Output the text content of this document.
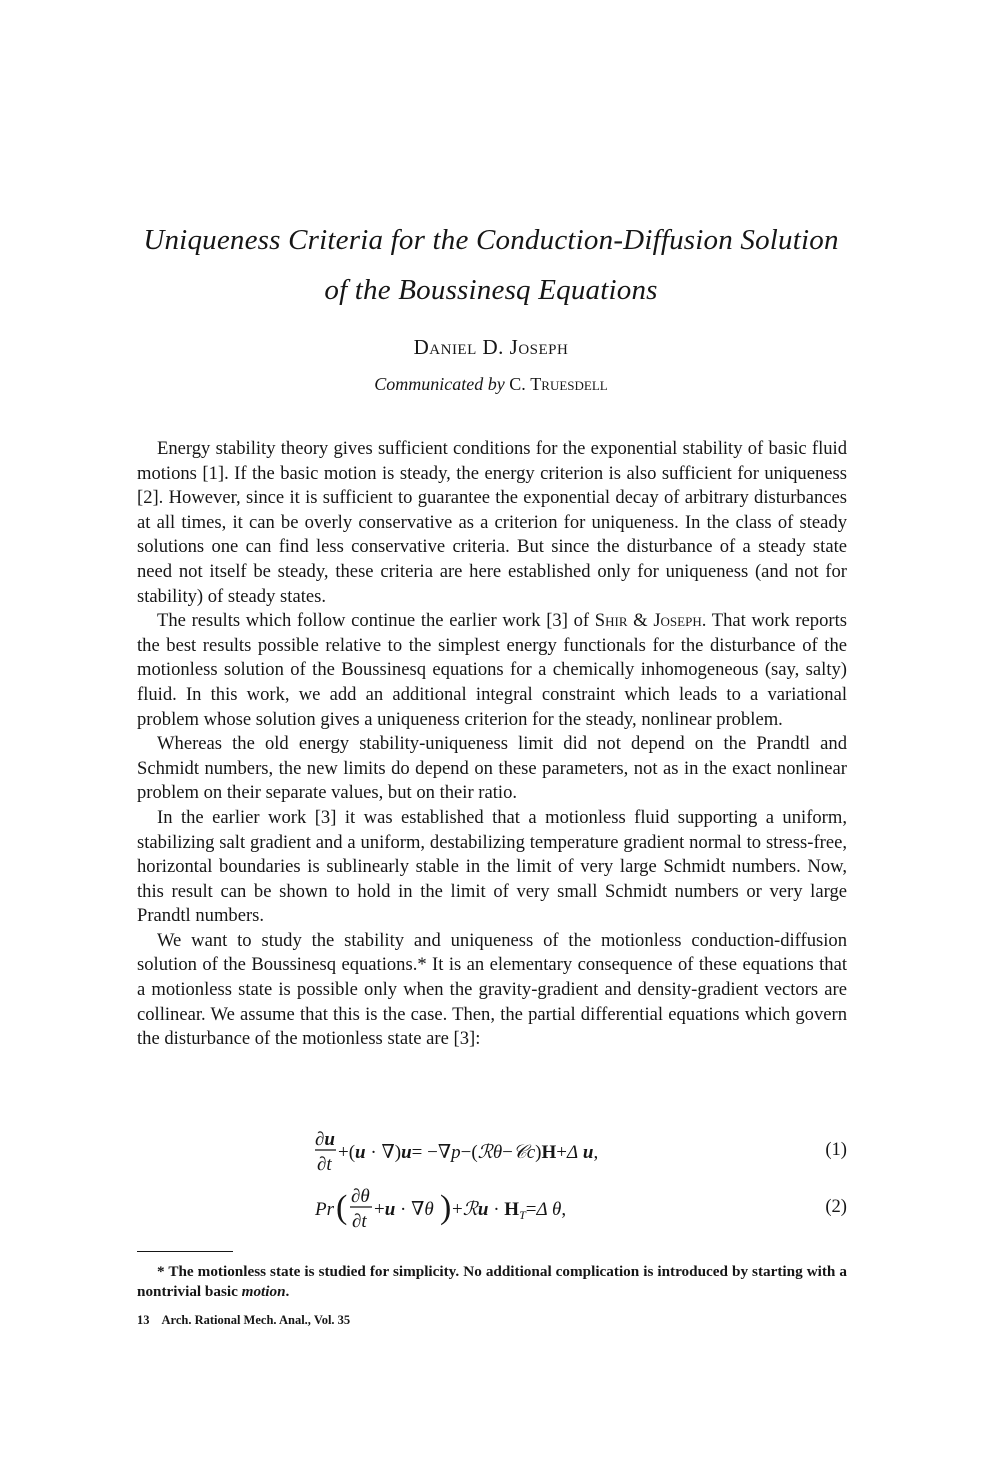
Uniqueness Criteria for the Conduction-Diffusion Solution
of the Boussinesq Equations
Daniel D. Joseph
Communicated by C. Truesdell

Energy stability theory gives sufficient conditions for the exponential stability of basic fluid motions [1]. If the basic motion is steady, the energy criterion is also sufficient for uniqueness [2]. However, since it is sufficient to guarantee the exponential decay of arbitrary disturbances at all times, it can be overly conservative as a criterion for uniqueness. In the class of steady solutions one can find less conservative criteria. But since the disturbance of a steady state need not itself be steady, these criteria are here established only for uniqueness (and not for stability) of steady states.

The results which follow continue the earlier work [3] of Shir & Joseph. That work reports the best results possible relative to the simplest energy functionals for the disturbance of the motionless solution of the Boussinesq equations for a chemically inhomogeneous (say, salty) fluid. In this work, we add an additional integral constraint which leads to a variational problem whose solution gives a uniqueness criterion for the steady, nonlinear problem.

Whereas the old energy stability-uniqueness limit did not depend on the Prandtl and Schmidt numbers, the new limits do depend on these parameters, not as in the exact nonlinear problem on their separate values, but on their ratio.

In the earlier work [3] it was established that a motionless fluid supporting a uniform, stabilizing salt gradient and a uniform, destabilizing temperature gradient normal to stress-free, horizontal boundaries is sublinearly stable in the limit of very large Schmidt numbers. Now, this result can be shown to hold in the limit of very small Schmidt numbers or very large Prandtl numbers.

We want to study the stability and uniqueness of the motionless conduction-diffusion solution of the Boussinesq equations.* It is an elementary consequence of these equations that a motionless state is possible only when the gravity-gradient and density-gradient vectors are collinear. We assume that this is the case. Then, the partial differential equations which govern the disturbance of the motionless state are [3]:

∂u
∂t
+(u · ∇)u= −∇p−(ℛθ−𝒞c)H+Δ u,	(1)
Pr ( ∂θ
∂t
+u · ∇θ ) +ℛu · $H_T=\Delta$ θ,	(2)

* The motionless state is studied for simplicity. No additional complication is introduced by starting with a nontrivial basic motion.

13 Arch. Rational Mech. Anal., Vol. 35
